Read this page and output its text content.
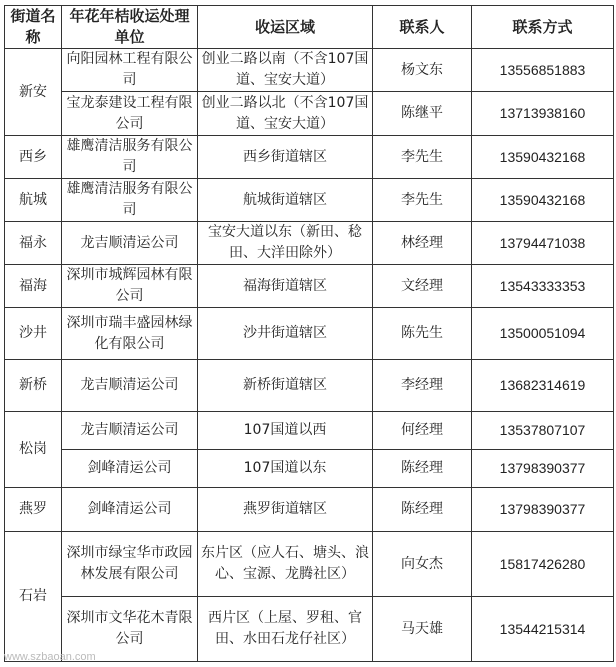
街道名称	年花年桔收运处理单位	收运区域	联系人	联系方式
新安	向阳园林工程有限公司	创业二路以南（不含107国道、宝安大道）	杨文东	13556851883
	宝龙泰建设工程有限公司	创业二路以北（不含107国道、宝安大道）	陈继平	13713938160
西乡	雄鹰清洁服务有限公司	西乡街道辖区	李先生	13590432168
航城	雄鹰清洁服务有限公司	航城街道辖区	李先生	13590432168
福永	龙吉顺清运公司	宝安大道以东（新田、稔田、大洋田除外）	林经理	13794471038
福海	深圳市城辉园林有限公司	福海街道辖区	文经理	13543333353
沙井	深圳市瑞丰盛园林绿化有限公司	沙井街道辖区	陈先生	13500051094
新桥	龙吉顺清运公司	新桥街道辖区	李经理	13682314619
松岗	龙吉顺清运公司	107国道以西	何经理	13537807107
	剑峰清运公司	107国道以东	陈经理	13798390377
燕罗	剑峰清运公司	燕罗街道辖区	陈经理	13798390377
石岩	深圳市绿宝华市政园林发展有限公司	东片区（应人石、塘头、浪心、宝源、龙腾社区）	向女杰	15817426280
	深圳市文华花木青限公司	西片区（上屋、罗租、官田、水田石龙仔社区）	马天雄	13544215314
www.szbaoan.com
